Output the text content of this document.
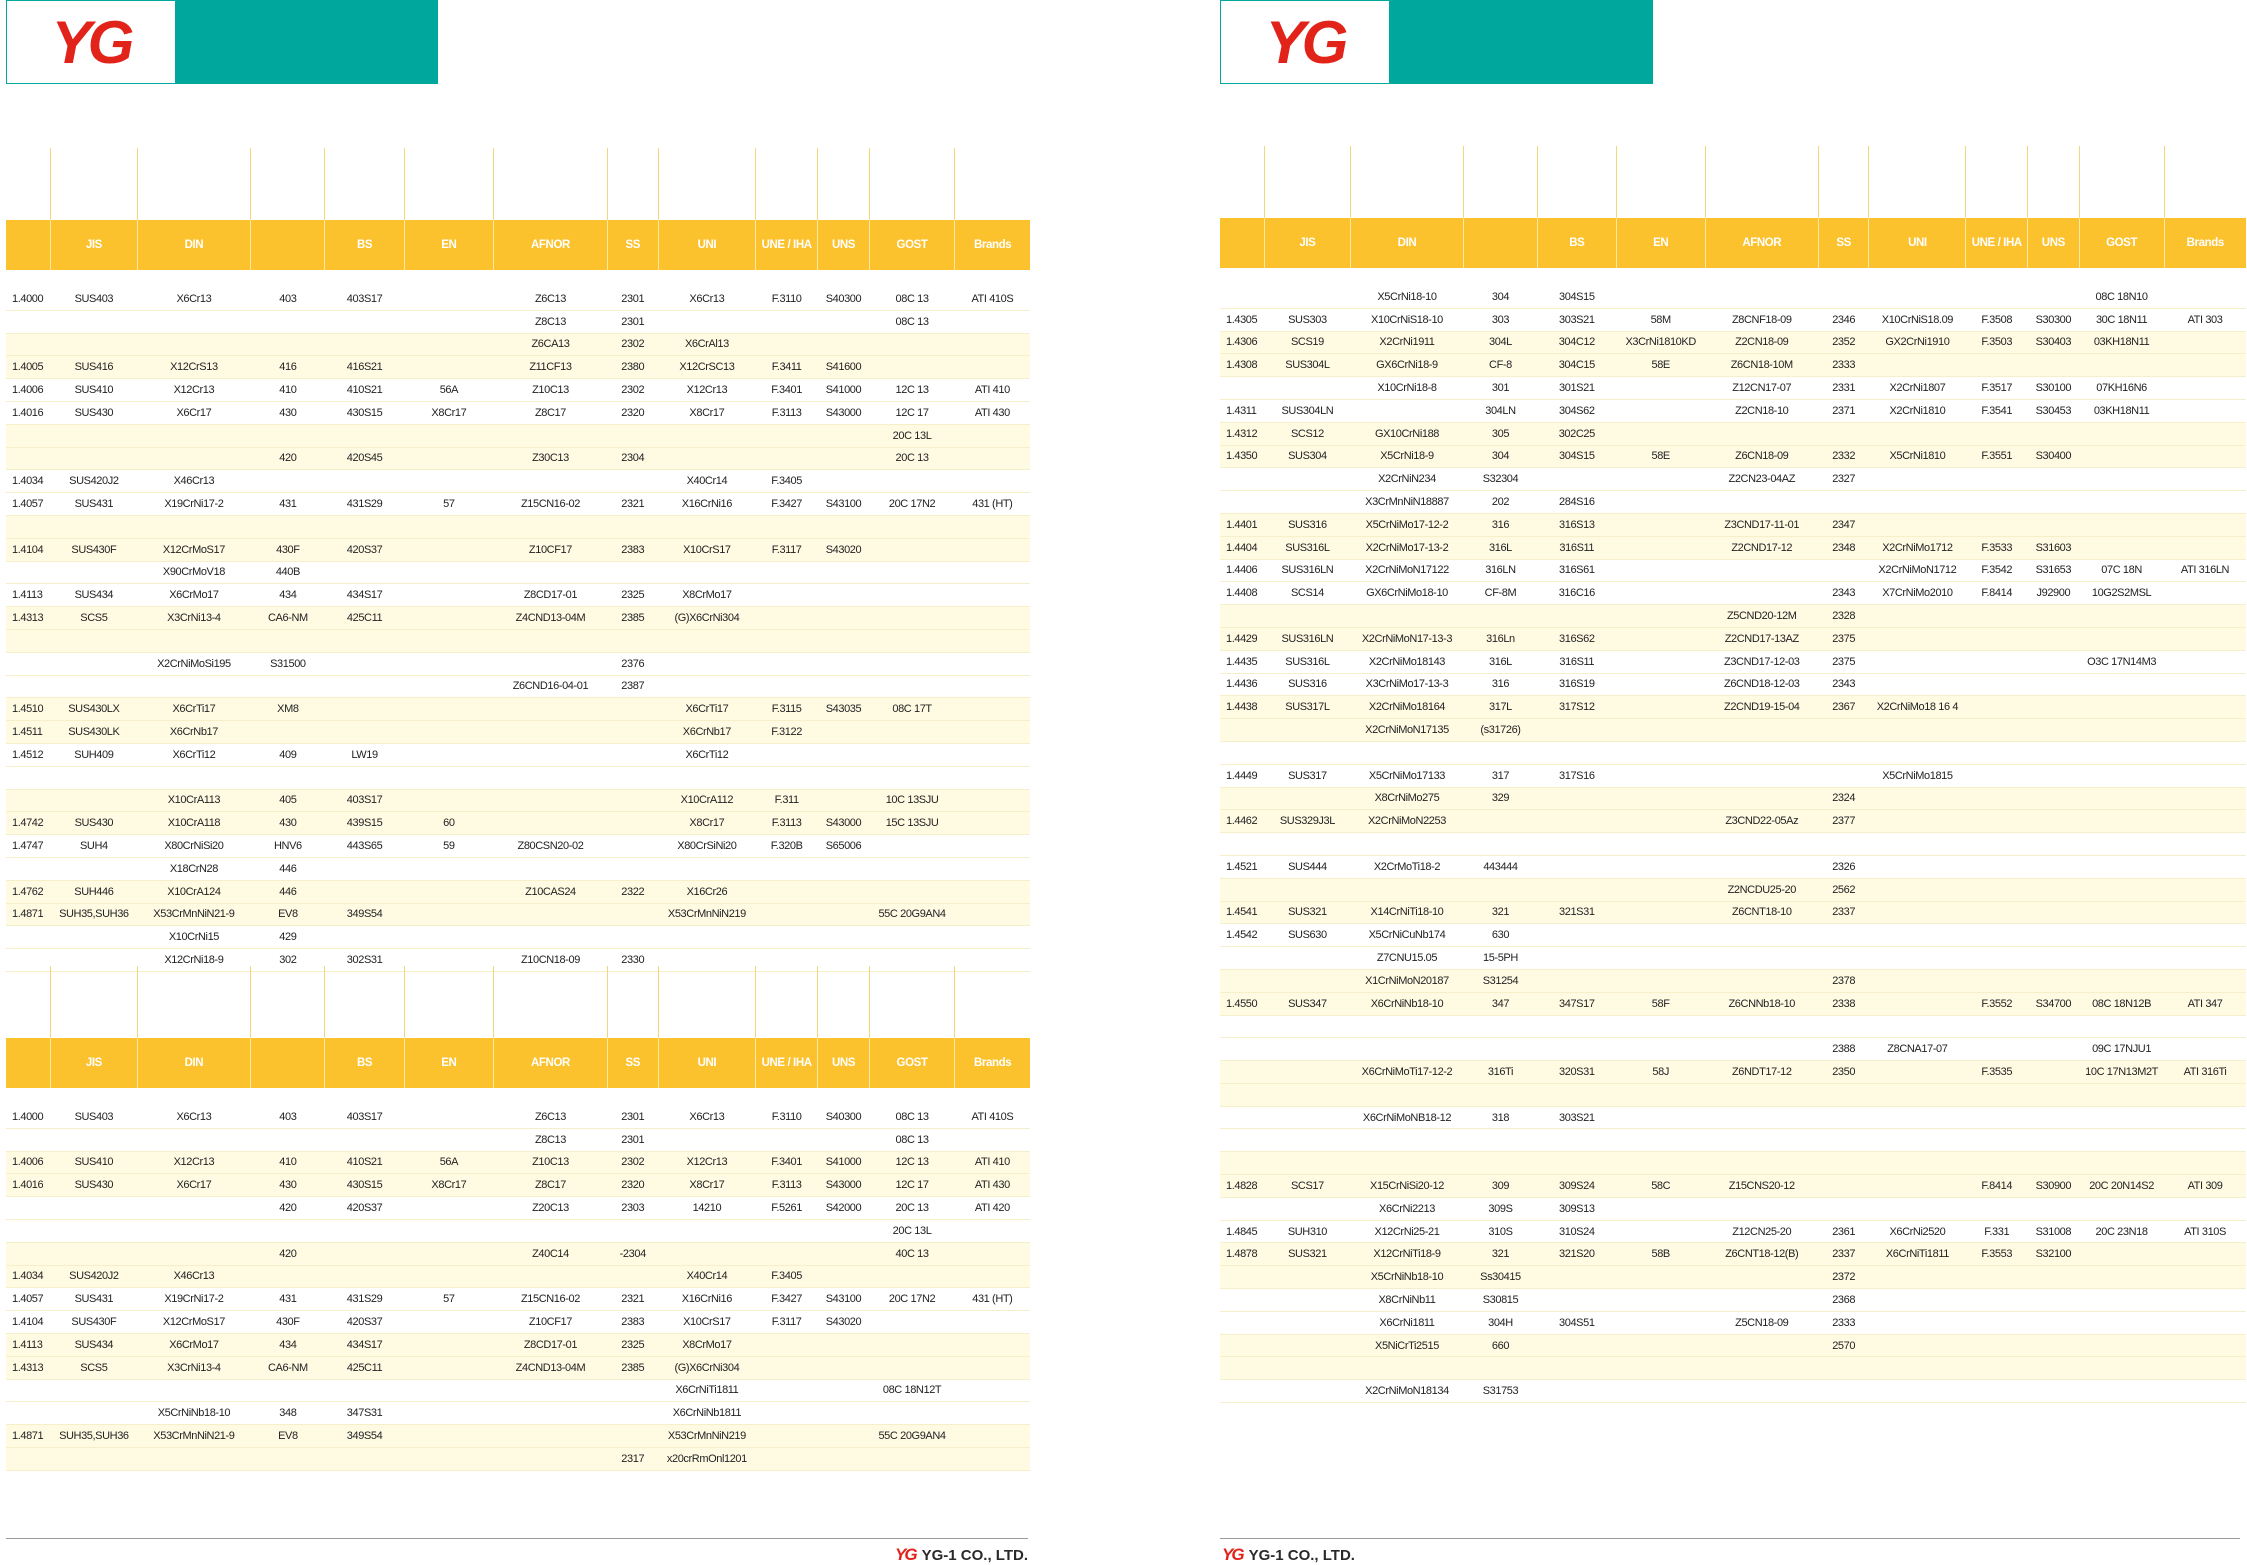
YG

	JIS	DIN		BS	EN	AFNOR	SS	UNI	UNE / IHA	UNS	GOST	Brands

1.4000	SUS403	X6Cr13	403	403S17		Z6C13	2301	X6Cr13	F.3110	S40300	08C 13	ATI 410S
						Z8C13	2301				08C 13	
						Z6CA13	2302	X6CrAl13				
1.4005	SUS416	X12CrS13	416	416S21		Z11CF13	2380	X12CrSC13	F.3411	S41600		
1.4006	SUS410	X12Cr13	410	410S21	56A	Z10C13	2302	X12Cr13	F.3401	S41000	12C 13	ATI 410
1.4016	SUS430	X6Cr17	430	430S15	X8Cr17	Z8C17	2320	X8Cr17	F.3113	S43000	12C 17	ATI 430
											20C 13L	
			420	420S45		Z30C13	2304				20C 13	
1.4034	SUS420J2	X46Cr13						X40Cr14	F.3405			
1.4057	SUS431	X19CrNi17-2	431	431S29	57	Z15CN16-02	2321	X16CrNi16	F.3427	S43100	20C 17N2	431 (HT)

1.4104	SUS430F	X12CrMoS17	430F	420S37		Z10CF17	2383	X10CrS17	F.3117	S43020		
		X90CrMoV18	440B									
1.4113	SUS434	X6CrMo17	434	434S17		Z8CD17-01	2325	X8CrMo17				
1.4313	SCS5	X3CrNi13-4	CA6-NM	425C11		Z4CND13-04M	2385	(G)X6CrNi304				

		X2CrNiMoSi195	S31500				2376					
						Z6CND16-04-01	2387					
1.4510	SUS430LX	X6CrTi17	XM8					X6CrTi17	F.3115	S43035	08C 17T	
1.4511	SUS430LK	X6CrNb17						X6CrNb17	F.3122			
1.4512	SUH409	X6CrTi12	409	LW19				X6CrTi12				

		X10CrA113	405	403S17				X10CrA112	F.311		10C 13SJU	
1.4742	SUS430	X10CrA118	430	439S15	60			X8Cr17	F.3113	S43000	15C 13SJU	
1.4747	SUH4	X80CrNiSi20	HNV6	443S65	59	Z80CSN20-02		X80CrSiNi20	F.320B	S65006		
		X18CrN28	446									
1.4762	SUH446	X10CrA124	446			Z10CAS24	2322	X16Cr26				
1.4871	SUH35,SUH36	X53CrMnNiN21-9	EV8	349S54				X53CrMnNiN219			55C 20G9AN4	
		X10CrNi15	429									
		X12CrNi18-9	302	302S31		Z10CN18-09	2330					

	JIS	DIN		BS	EN	AFNOR	SS	UNI	UNE / IHA	UNS	GOST	Brands

1.4000	SUS403	X6Cr13	403	403S17		Z6C13	2301	X6Cr13	F.3110	S40300	08C 13	ATI 410S
						Z8C13	2301				08C 13	
1.4006	SUS410	X12Cr13	410	410S21	56A	Z10C13	2302	X12Cr13	F.3401	S41000	12C 13	ATI 410
1.4016	SUS430	X6Cr17	430	430S15	X8Cr17	Z8C17	2320	X8Cr17	F.3113	S43000	12C 17	ATI 430
			420	420S37		Z20C13	2303	14210	F.5261	S42000	20C 13	ATI 420
											20C 13L	
			420			Z40C14	-2304				40C 13	
1.4034	SUS420J2	X46Cr13						X40Cr14	F.3405			
1.4057	SUS431	X19CrNi17-2	431	431S29	57	Z15CN16-02	2321	X16CrNi16	F.3427	S43100	20C 17N2	431 (HT)
1.4104	SUS430F	X12CrMoS17	430F	420S37		Z10CF17	2383	X10CrS17	F.3117	S43020		
1.4113	SUS434	X6CrMo17	434	434S17		Z8CD17-01	2325	X8CrMo17				
1.4313	SCS5	X3CrNi13-4	CA6-NM	425C11		Z4CND13-04M	2385	(G)X6CrNi304				
								X6CrNiTi1811			08C 18N12T	
		X5CrNiNb18-10	348	347S31				X6CrNiNb1811				
1.4871	SUH35,SUH36	X53CrMnNiN21-9	EV8	349S54				X53CrMnNiN219			55C 20G9AN4	
							2317	x20crRmOnl1201				
YG YG-1 CO., LTD.
YG

	JIS	DIN		BS	EN	AFNOR	SS	UNI	UNE / IHA	UNS	GOST	Brands

		X5CrNi18-10	304	304S15							08C 18N10	
1.4305	SUS303	X10CrNiS18-10	303	303S21	58M	Z8CNF18-09	2346	X10CrNiS18.09	F.3508	S30300	30C 18N11	ATI 303
1.4306	SCS19	X2CrNi1911	304L	304C12	X3CrNi1810KD	Z2CN18-09	2352	GX2CrNi1910	F.3503	S30403	03KH18N11	
1.4308	SUS304L	GX6CrNi18-9	CF-8	304C15	58E	Z6CN18-10M	2333					
		X10CrNi18-8	301	301S21		Z12CN17-07	2331	X2CrNi1807	F.3517	S30100	07KH16N6	
1.4311	SUS304LN		304LN	304S62		Z2CN18-10	2371	X2CrNi1810	F.3541	S30453	03KH18N11	
1.4312	SCS12	GX10CrNi188	305	302C25								
1.4350	SUS304	X5CrNi18-9	304	304S15	58E	Z6CN18-09	2332	X5CrNi1810	F.3551	S30400		
		X2CrNiN234	S32304			Z2CN23-04AZ	2327					
		X3CrMnNiN18887	202	284S16								
1.4401	SUS316	X5CrNiMo17-12-2	316	316S13		Z3CND17-11-01	2347					
1.4404	SUS316L	X2CrNiMo17-13-2	316L	316S11		Z2CND17-12	2348	X2CrNiMo1712	F.3533	S31603		
1.4406	SUS316LN	X2CrNiMoN17122	316LN	316S61				X2CrNiMoN1712	F.3542	S31653	07C 18N	ATI 316LN
1.4408	SCS14	GX6CrNiMo18-10	CF-8M	316C16			2343	X7CrNiMo2010	F.8414	J92900	10G2S2MSL	
						Z5CND20-12M	2328					
1.4429	SUS316LN	X2CrNiMoN17-13-3	316Ln	316S62		Z2CND17-13AZ	2375					
1.4435	SUS316L	X2CrNiMo18143	316L	316S11		Z3CND17-12-03	2375				O3C 17N14M3	
1.4436	SUS316	X3CrNiMo17-13-3	316	316S19		Z6CND18-12-03	2343					
1.4438	SUS317L	X2CrNiMo18164	317L	317S12		Z2CND19-15-04	2367	X2CrNiMo18 16 4				
		X2CrNiMoN17135	(s31726)									

1.4449	SUS317	X5CrNiMo17133	317	317S16				X5CrNiMo1815				
		X8CrNiMo275	329				2324					
1.4462	SUS329J3L	X2CrNiMoN2253				Z3CND22-05Az	2377					

1.4521	SUS444	X2CrMoTi18-2	443444				2326					
						Z2NCDU25-20	2562					
1.4541	SUS321	X14CrNiTi18-10	321	321S31		Z6CNT18-10	2337					
1.4542	SUS630	X5CrNiCuNb174	630									
		Z7CNU15.05	15-5PH									
		X1CrNiMoN20187	S31254				2378					
1.4550	SUS347	X6CrNiNb18-10	347	347S17	58F	Z6CNNb18-10	2338		F.3552	S34700	08C 18N12B	ATI 347

							2388	Z8CNA17-07			09C 17NJU1	
		X6CrNiMoTi17-12-2	316Ti	320S31	58J	Z6NDT17-12	2350		F.3535		10C 17N13M2T	ATI 316Ti

		X6CrNiMoNB18-12	318	303S21								

1.4828	SCS17	X15CrNiSi20-12	309	309S24	58C	Z15CNS20-12			F.8414	S30900	20C 20N14S2	ATI 309
		X6CrNi2213	309S	309S13								
1.4845	SUH310	X12CrNi25-21	310S	310S24		Z12CN25-20	2361	X6CrNi2520	F.331	S31008	20C 23N18	ATI 310S
1.4878	SUS321	X12CrNiTi18-9	321	321S20	58B	Z6CNT18-12(B)	2337	X6CrNiTi1811	F.3553	S32100		
		X5CrNiNb18-10	Ss30415				2372					
		X8CrNiNb11	S30815				2368					
		X6CrNi1811	304H	304S51		Z5CN18-09	2333					
		X5NiCrTi2515	660				2570					

		X2CrNiMoN18134	S31753									
YG YG-1 CO., LTD.
